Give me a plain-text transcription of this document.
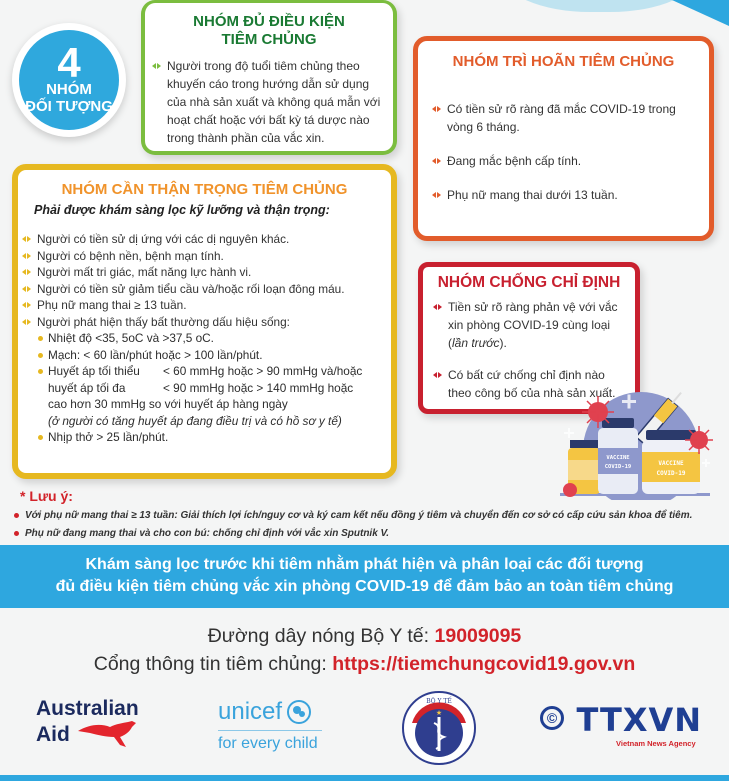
4
NHÓM
ĐỐI TƯỢNG
NHÓM ĐỦ ĐIỀU KIỆN
TIÊM CHỦNG
Người trong độ tuổi tiêm chủng theo khuyến cáo trong hướng dẫn sử dụng của nhà sản xuất và không quá mẫn với hoạt chất hoặc với bất kỳ tá dược nào trong thành phần của vắc xin.
NHÓM TRÌ HOÃN TIÊM CHỦNG
Có tiền sử rõ ràng đã mắc COVID-19 trong vòng 6 tháng.
Đang mắc bệnh cấp tính.
Phụ nữ mang thai dưới 13 tuần.
NHÓM CẦN THẬN TRỌNG TIÊM CHỦNG
Phải được khám sàng lọc kỹ lưỡng và thận trọng:
Người có tiền sử dị ứng với các dị nguyên khác.
Người có bệnh nền, bệnh mạn tính.
Người mất tri giác, mất năng lực hành vi.
Người có tiền sử giảm tiểu cầu và/hoặc rối loạn đông máu.
Phụ nữ mang thai ≥ 13 tuần.
Người phát hiện thấy bất thường dấu hiệu sống:
Nhiệt độ <35, 5oC và >37,5 oC.
Mạch: < 60 lần/phút hoặc > 100 lần/phút.
Huyết áp tối thiểu	< 60 mmHg hoặc > 90 mmHg và/hoặc
huyết áp tối đa	< 90 mmHg hoặc > 140 mmHg hoặc
cao hơn 30 mmHg so với huyết áp hàng ngày
(ở người có tăng huyết áp đang điều trị và có hồ sơ y tế)
Nhịp thở > 25 lần/phút.
NHÓM CHỐNG CHỈ ĐỊNH
Tiền sử rõ ràng phản vệ với vắc xin phòng COVID-19 cùng loại (lần trước).
Có bất cứ chống chỉ định nào theo công bố của nhà sản xuất.
VACCINE
COVID-19	VACCINE
COVID-19
* Lưu ý:
Với phụ nữ mang thai ≥ 13 tuần: Giải thích lợi ích/nguy cơ và ký cam kết nếu đồng ý tiêm và chuyển đến cơ sở có cấp cứu sản khoa để tiêm.
Phụ nữ đang mang thai và cho con bú: chống chỉ định với vắc xin Sputnik V.
Khám sàng lọc trước khi tiêm nhằm phát hiện và phân loại các đối tượng
đủ điều kiện tiêm chủng vắc xin phòng COVID-19 để đảm bảo an toàn tiêm chủng
Đường dây nóng Bộ Y tế: 19009095
Cổng thông tin tiêm chủng: https://tiemchungcovid19.gov.vn
Australian
Aid
unicef
for every child
★
BỘ Y TẾ
© TTXVN
Vietnam News Agency
